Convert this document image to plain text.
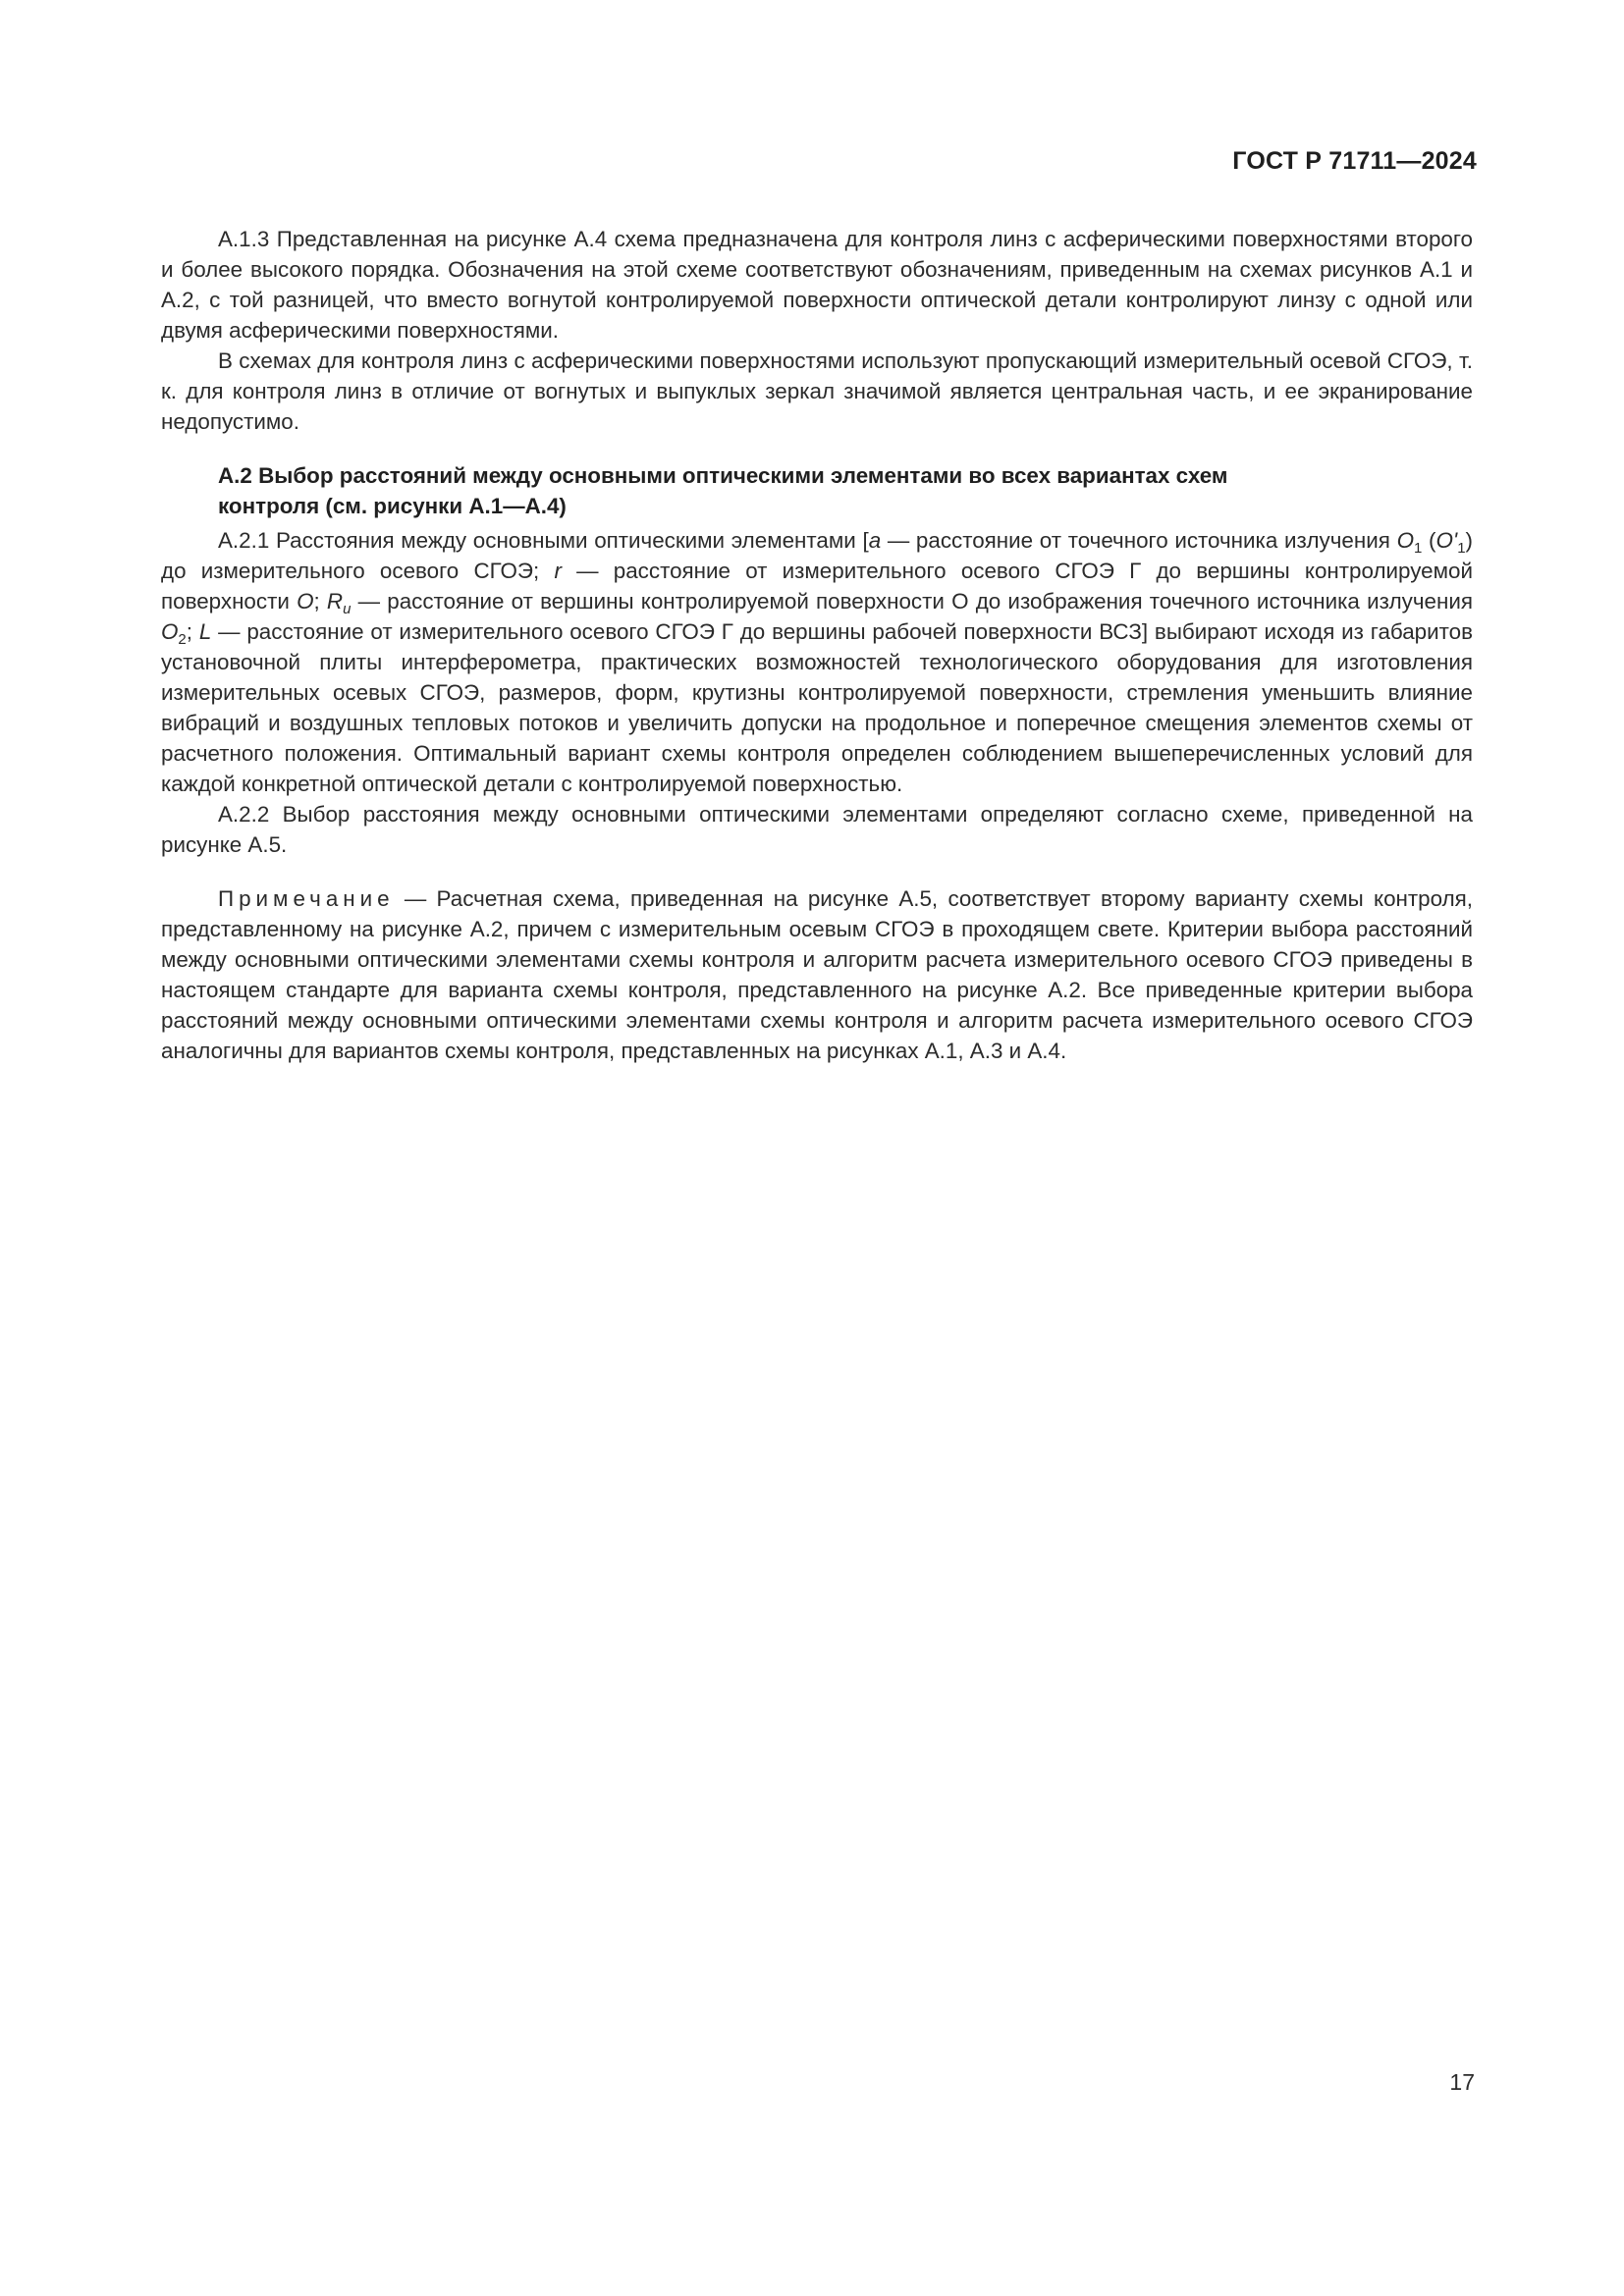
ГОСТ Р 71711—2024

А.1.3 Представленная на рисунке А.4 схема предназначена для контроля линз с асферическими поверхностями второго и более высокого порядка. Обозначения на этой схеме соответствуют обозначениям, приведенным на схемах рисунков А.1 и А.2, с той разницей, что вместо вогнутой контролируемой поверхности оптической детали контролируют линзу с одной или двумя асферическими поверхностями.

В схемах для контроля линз с асферическими поверхностями используют пропускающий измерительный осевой СГОЭ, т. к. для контроля линз в отличие от вогнутых и выпуклых зеркал значимой является центральная часть, и ее экранирование недопустимо.

А.2 Выбор расстояний между основными оптическими элементами во всех вариантах схем
контроля (см. рисунки А.1—А.4)

А.2.1 Расстояния между основными оптическими элементами [a — расстояние от точечного источника излучения $O_1$ $(O'_1)$ до измерительного осевого СГОЭ; r — расстояние от измерительного осевого СГОЭ Г до вершины контролируемой поверхности O; $R_u$ — расстояние от вершины контролируемой поверхности О до изображения точечного источника излучения $O_2$; L — расстояние от измерительного осевого СГОЭ Г до вершины рабочей поверхности ВСЗ] выбирают исходя из габаритов установочной плиты интерферометра, практических возможностей технологического оборудования для изготовления измерительных осевых СГОЭ, размеров, форм, крутизны контролируемой поверхности, стремления уменьшить влияние вибраций и воздушных тепловых потоков и увеличить допуски на продольное и поперечное смещения элементов схемы от расчетного положения. Оптимальный вариант схемы контроля определен соблюдением вышеперечисленных условий для каждой конкретной оптической детали с контролируемой поверхностью.

А.2.2 Выбор расстояния между основными оптическими элементами определяют согласно схеме, приведенной на рисунке А.5.

Примечание — Расчетная схема, приведенная на рисунке А.5, соответствует второму варианту схемы контроля, представленному на рисунке А.2, причем с измерительным осевым СГОЭ в проходящем свете. Критерии выбора расстояний между основными оптическими элементами схемы контроля и алгоритм расчета измерительного осевого СГОЭ приведены в настоящем стандарте для варианта схемы контроля, представленного на рисунке А.2. Все приведенные критерии выбора расстояний между основными оптическими элементами схемы контроля и алгоритм расчета измерительного осевого СГОЭ аналогичны для вариантов схемы контроля, представленных на рисунках А.1, А.3 и А.4.

17
